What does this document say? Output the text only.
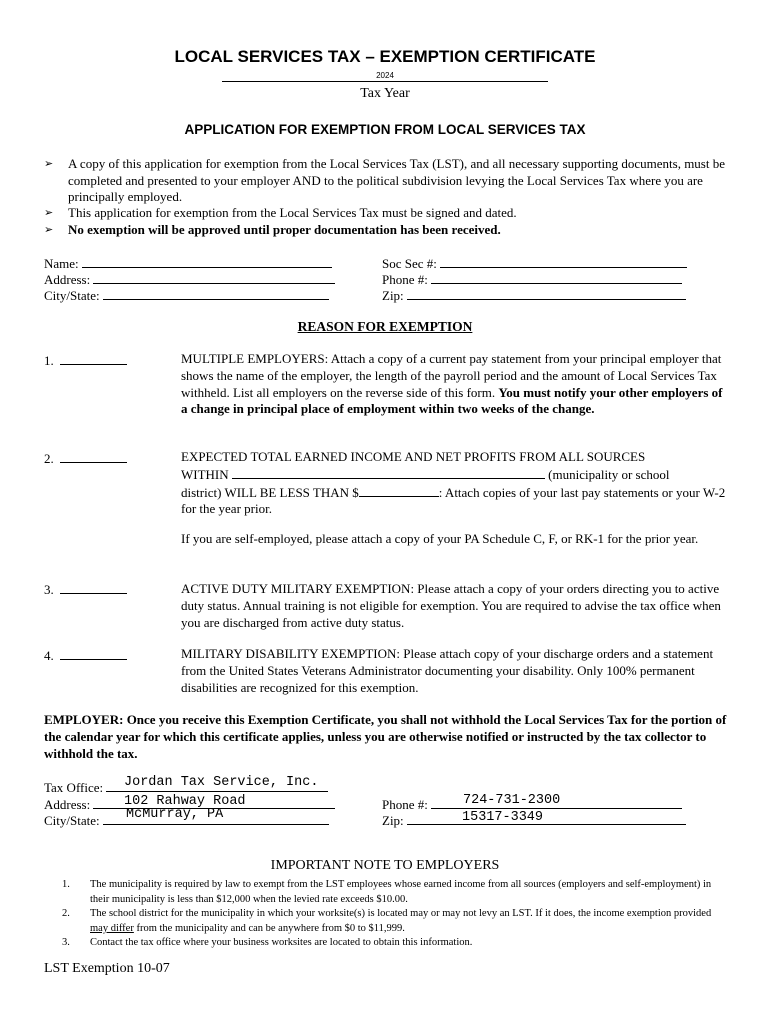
LOCAL SERVICES TAX – EXEMPTION CERTIFICATE
2024
Tax Year
APPLICATION FOR EXEMPTION FROM LOCAL SERVICES TAX
➢ A copy of this application for exemption from the Local Services Tax (LST), and all necessary supporting documents, must be completed and presented to your employer AND to the political subdivision levying the Local Services Tax where you are principally employed.
➢ This application for exemption from the Local Services Tax must be signed and dated.
➢ No exemption will be approved until proper documentation has been received.
Name:
Address:
City/State:
Soc Sec #:
Phone #:
Zip:
REASON FOR EXEMPTION
1.	MULTIPLE EMPLOYERS: Attach a copy of a current pay statement from your principal employer that shows the name of the employer, the length of the payroll period and the amount of Local Services Tax withheld. List all employers on the reverse side of this form. You must notify your other employers of a change in principal place of employment within two weeks of the change.
2.	EXPECTED TOTAL EARNED INCOME AND NET PROFITS FROM ALL SOURCES
WITHIN	(municipality or school
district) WILL BE LESS THAN $	: Attach copies of your last pay statements or your W-2 for the year prior.
If you are self-employed, please attach a copy of your PA Schedule C, F, or RK-1 for the prior year.
3.	ACTIVE DUTY MILITARY EXEMPTION: Please attach a copy of your orders directing you to active duty status. Annual training is not eligible for exemption. You are required to advise the tax office when you are discharged from active duty status.
4.	MILITARY DISABILITY EXEMPTION: Please attach copy of your discharge orders and a statement from the United States Veterans Administrator documenting your disability. Only 100% permanent disabilities are recognized for this exemption.
EMPLOYER: Once you receive this Exemption Certificate, you shall not withhold the Local Services Tax for the portion of the calendar year for which this certificate applies, unless you are otherwise notified or instructed by the tax collector to withhold the tax.
Tax Office:	Jordan Tax Service, Inc.
Address:	102 Rahway Road
City/State:	McMurray, PA
Phone #:	724-731-2300
Zip:	15317-3349
IMPORTANT NOTE TO EMPLOYERS
1. The municipality is required by law to exempt from the LST employees whose earned income from all sources (employers and self-employment) in their municipality is less than $12,000 when the levied rate exceeds $10.00.
2. The school district for the municipality in which your worksite(s) is located may or may not levy an LST. If it does, the income exemption provided may differ from the municipality and can be anywhere from $0 to $11,999.
3. Contact the tax office where your business worksites are located to obtain this information.
LST Exemption 10-07
